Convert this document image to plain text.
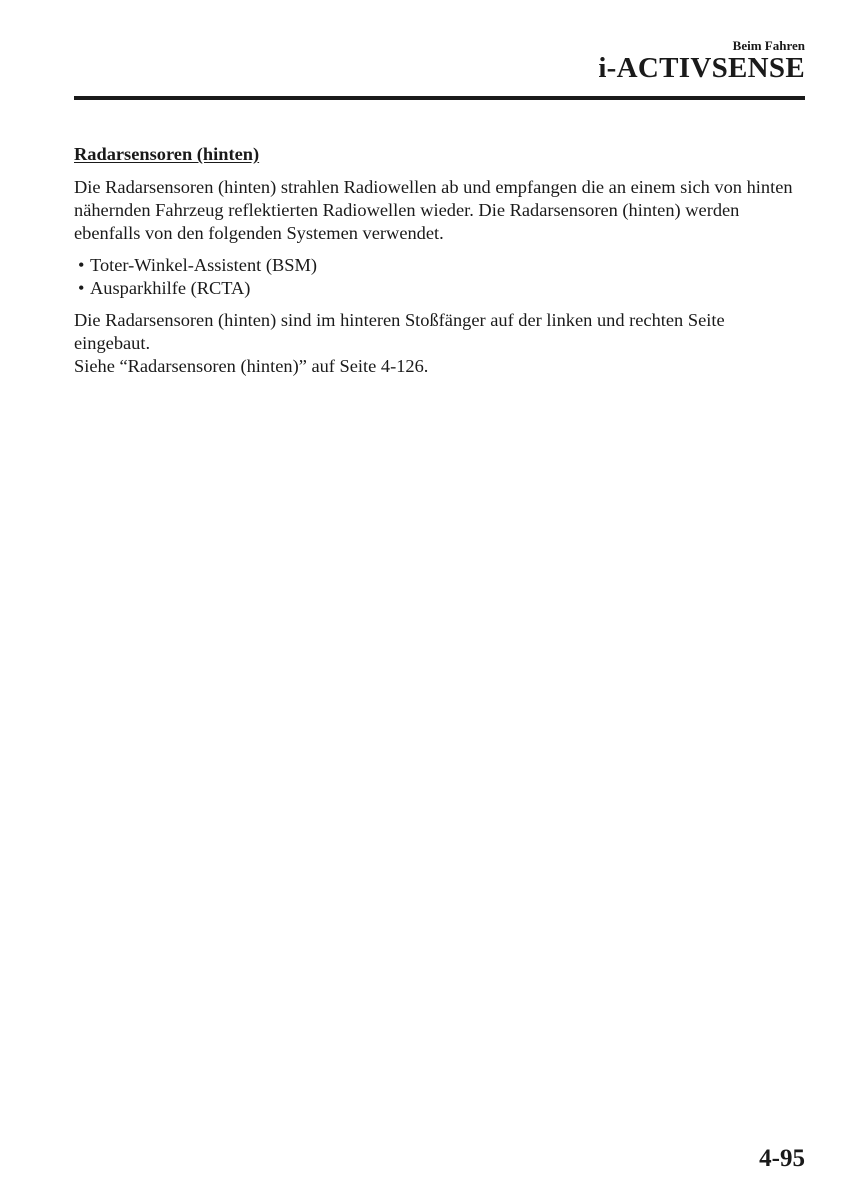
Beim Fahren
i-ACTIVSENSE
Radarsensoren (hinten)

Die Radarsensoren (hinten) strahlen Radiowellen ab und empfangen die an einem sich von hinten nähernden Fahrzeug reflektierten Radiowellen wieder. Die Radarsensoren (hinten) werden ebenfalls von den folgenden Systemen verwendet.

• Toter-Winkel-Assistent (BSM)
• Ausparkhilfe (RCTA)
Die Radarsensoren (hinten) sind im hinteren Stoßfänger auf der linken und rechten Seite eingebaut.
Siehe “Radarsensoren (hinten)” auf Seite 4-126.
4-95
